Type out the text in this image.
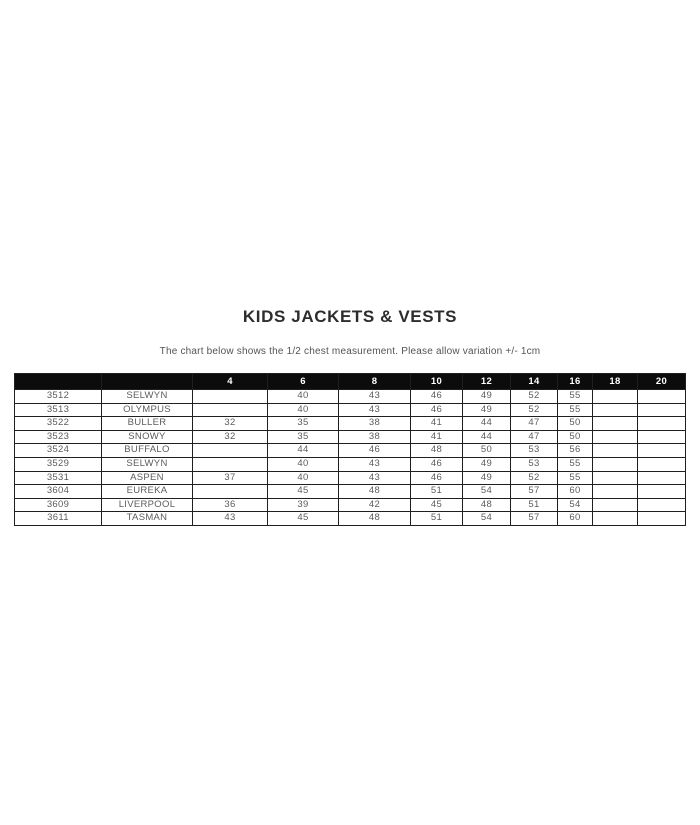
KIDS JACKETS & VESTS
The chart below shows the 1/2 chest measurement. Please allow variation +/- 1cm
		4	6	8	10	12	14	16	18	20
3512	SELWYN		40	43	46	49	52	55		
3513	OLYMPUS		40	43	46	49	52	55		
3522	BULLER	32	35	38	41	44	47	50		
3523	SNOWY	32	35	38	41	44	47	50		
3524	BUFFALO		44	46	48	50	53	56		
3529	SELWYN		40	43	46	49	53	55		
3531	ASPEN	37	40	43	46	49	52	55		
3604	EUREKA		45	48	51	54	57	60		
3609	LIVERPOOL	36	39	42	45	48	51	54		
3611	TASMAN	43	45	48	51	54	57	60		
